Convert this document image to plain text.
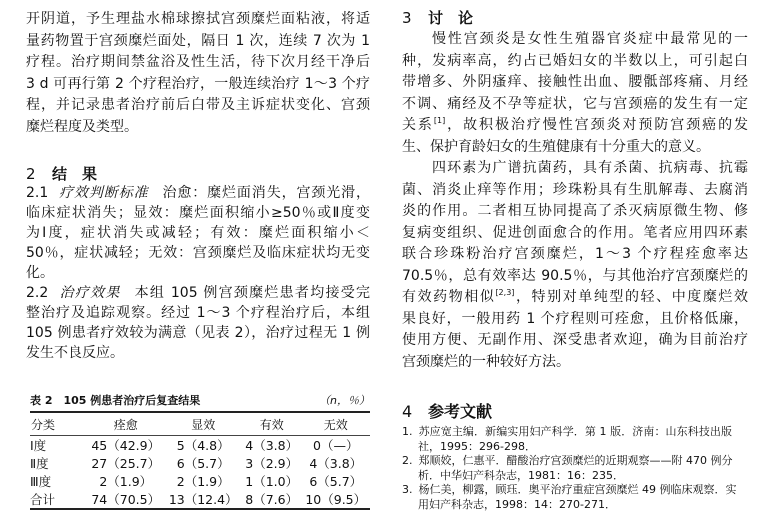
开阴道，予生理盐水棉球擦拭宫颈糜烂面粘液，将适
量药物置于宫颈糜烂面处，隔日 1 次，连续 7 次为 1
疗程。治疗期间禁盆浴及性生活，待下次月经干净后
3 d 可再行第 2 个疗程治疗，一般连续治疗 1～3 个疗
程，并记录患者治疗前后白带及主诉症状变化、宫颈
糜烂程度及类型。
2 结　果
2.1 疗效判断标准 治愈：糜烂面消失，宫颈光滑，
临床症状消失；显效：糜烂面积缩小≥50％或Ⅱ度变
为Ⅰ度，症状消失或减轻；有效：糜烂面积缩小＜
50％，症状减轻；无效：宫颈糜烂及临床症状均无变
化。
2.2 治疗效果 本组 105 例宫颈糜烂患者均接受完
整治疗及追踪观察。经过 1～3 个疗程治疗后，本组
105 例患者疗效较为满意（见表 2），治疗过程无 1 例
发生不良反应。
表 2　105 例患者治疗后复查结果	（n，％）
分类	痊愈	显效	有效	无效
Ⅰ度	45（42.9）	5（4.8）	4（3.8）	0（—）
Ⅱ度	27（25.7）	6（5.7）	3（2.9）	4（3.8）
Ⅲ度	2（1.9）	2（1.9）	1（1.0）	6（5.7）
合计	74（70.5）	13（12.4）	8（7.6）	10（9.5）
3 讨　论
慢性宫颈炎是女性生殖器官炎症中最常见的一
种，发病率高，约占已婚妇女的半数以上，可引起白
带增多、外阴瘙痒、接触性出血、腰骶部疼痛、月经
不调、痛经及不孕等症状，它与宫颈癌的发生有一定
关系[1]，故积极治疗慢性宫颈炎对预防宫颈癌的发
生、保护育龄妇女的生殖健康有十分重大的意义。
四环素为广谱抗菌药，具有杀菌、抗病毒、抗霉
菌、消炎止痒等作用；珍珠粉具有生肌解毒、去腐消
炎的作用。二者相互协同提高了杀灭病原微生物、修
复病变组织、促进创面愈合的作用。笔者应用四环素
联合珍珠粉治疗宫颈糜烂，1～3 个疗程痊愈率达
70.5％，总有效率达 90.5％，与其他治疗宫颈糜烂的
有效药物相似[2,3]，特别对单纯型的轻、中度糜烂效
果良好，一般用药 1 个疗程则可痊愈，且价格低廉，
使用方便、无副作用、深受患者欢迎，确为目前治疗
宫颈糜烂的一种较好方法。
4 参考文献
1. 苏应宽主编．新编实用妇产科学．第 1 版．济南：山东科技出版
社，1995：296-298．
2. 郑顺姣，仁惠平．醋酸治疗宫颈糜烂的近期观察——附 470 例分
析．中华妇产科杂志，1981：16：235．
3. 杨仁美，柳露，顾珏．奥平治疗重症宫颈糜烂 49 例临床观察．实
用妇产科杂志，1998：14：270-271．
